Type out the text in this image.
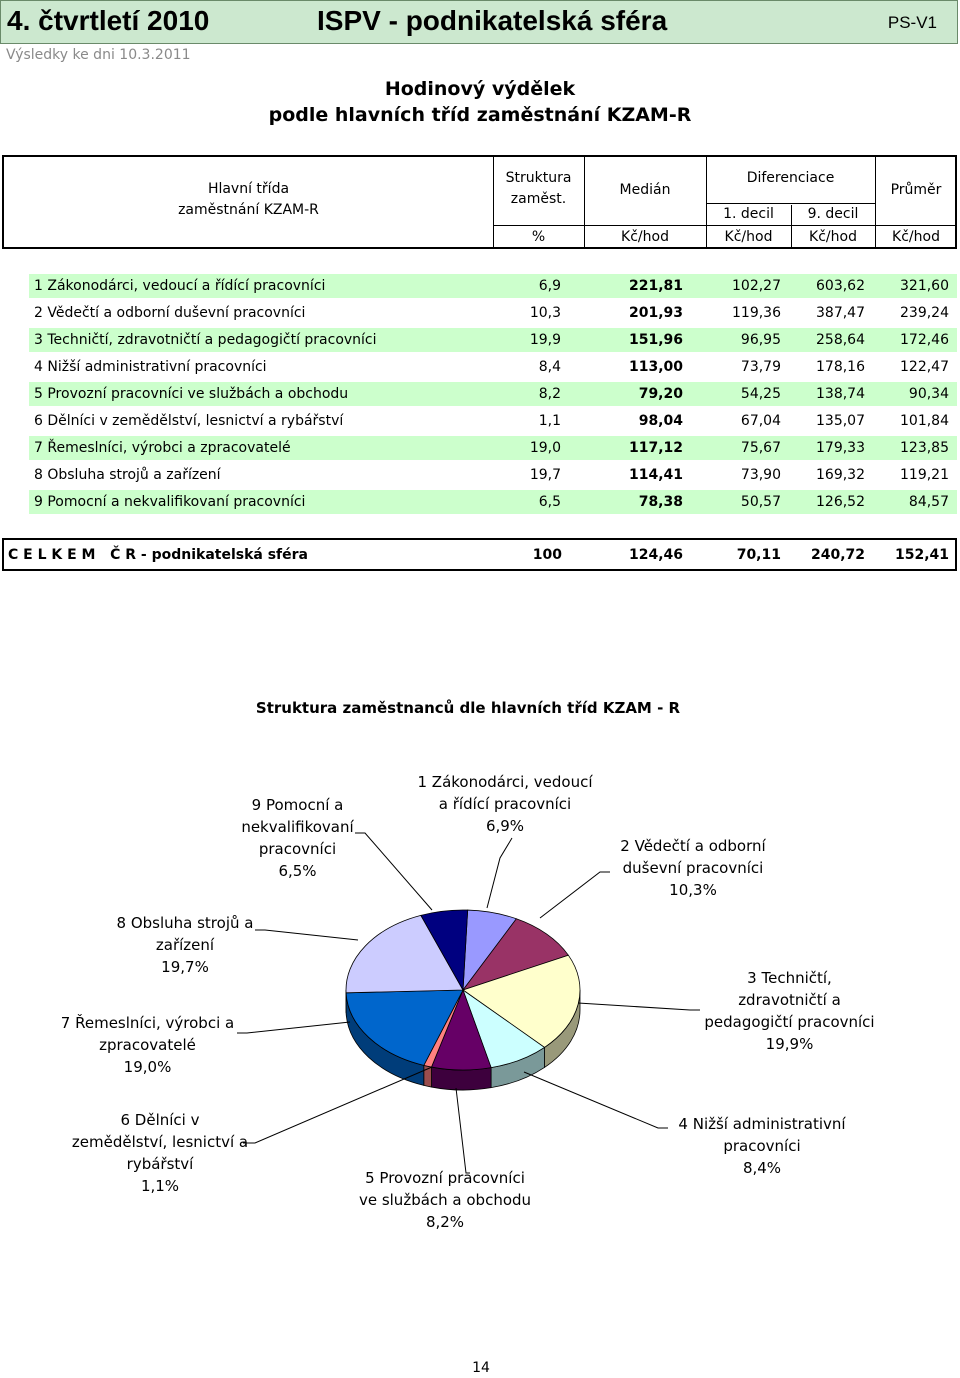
4. čtvrtletí 2010	ISPV - podnikatelská sféra	PS-V1
Výsledky ke dni 10.3.2011
Hodinový výdělek
podle hlavních tříd zaměstnání KZAM-R
Hlavní třída
zaměstnání KZAM-R
Struktura
zaměst.
Medián
Diferenciace
1. decil	9. decil
Průměr
%	Kč/hod	Kč/hod	Kč/hod	Kč/hod
1 Zákonodárci, vedoucí a řídící pracovníci	6,9	221,81	102,27	603,62	321,60
2 Vědečtí a odborní duševní pracovníci	10,3	201,93	119,36	387,47	239,24
3 Techničtí, zdravotničtí a pedagogičtí pracovníci	19,9	151,96	96,95	258,64	172,46
4 Nižší administrativní pracovníci	8,4	113,00	73,79	178,16	122,47
5 Provozní pracovníci ve službách a obchodu	8,2	79,20	54,25	138,74	90,34
6 Dělníci v zemědělství, lesnictví a rybářství	1,1	98,04	67,04	135,07	101,84
7 Řemeslníci, výrobci a zpracovatelé	19,0	117,12	75,67	179,33	123,85
8 Obsluha strojů a zařízení	19,7	114,41	73,90	169,32	119,21
9 Pomocní a nekvalifikovaní pracovníci	6,5	78,38	50,57	126,52	84,57
C E L K E M   Č R - podnikatelská sféra	100	124,46	70,11 240,72 152,41
Struktura zaměstnanců dle hlavních tříd KZAM - R
1 Zákonodárci, vedoucí
a řídící pracovníci
6,9%
2 Vědečtí a odborní
duševní pracovníci
10,3%
3 Techničtí,
zdravotničtí a
pedagogičtí pracovníci
19,9%
4 Nižší administrativní
pracovníci
8,4%
5 Provozní pracovníci
ve službách a obchodu
8,2%
6 Dělníci v
zemědělství, lesnictví a
rybářství
1,1%
7 Řemeslníci, výrobci a
zpracovatelé
19,0%
8 Obsluha strojů a
zařízení
19,7%
9 Pomocní a
nekvalifikovaní
pracovníci
6,5%
14
